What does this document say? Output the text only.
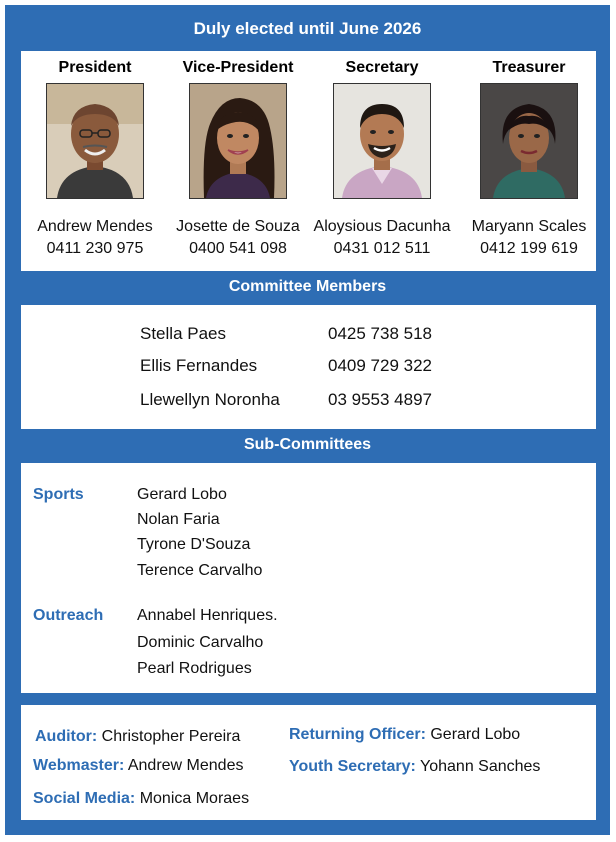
Duly elected until June 2026
President
Andrew Mendes
0411 230 975
Vice-President
Josette de Souza
0400 541 098
Secretary
Aloysious Dacunha
0431 012 511
Treasurer
Maryann Scales
0412 199 619
Committee Members
Stella Paes	0425 738 518
Ellis Fernandes	0409 729 322
Llewellyn Noronha	03 9553 4897
Sub-Committees
Sports	Gerard Lobo
Nolan Faria
Tyrone D'Souza
Terence Carvalho
Outreach Annabel Henriques.
Dominic Carvalho
Pearl Rodrigues
Auditor: Christopher Pereira	Returning Officer: Gerard Lobo
Webmaster: Andrew Mendes	Youth Secretary: Yohann Sanches
Social Media: Monica Moraes
